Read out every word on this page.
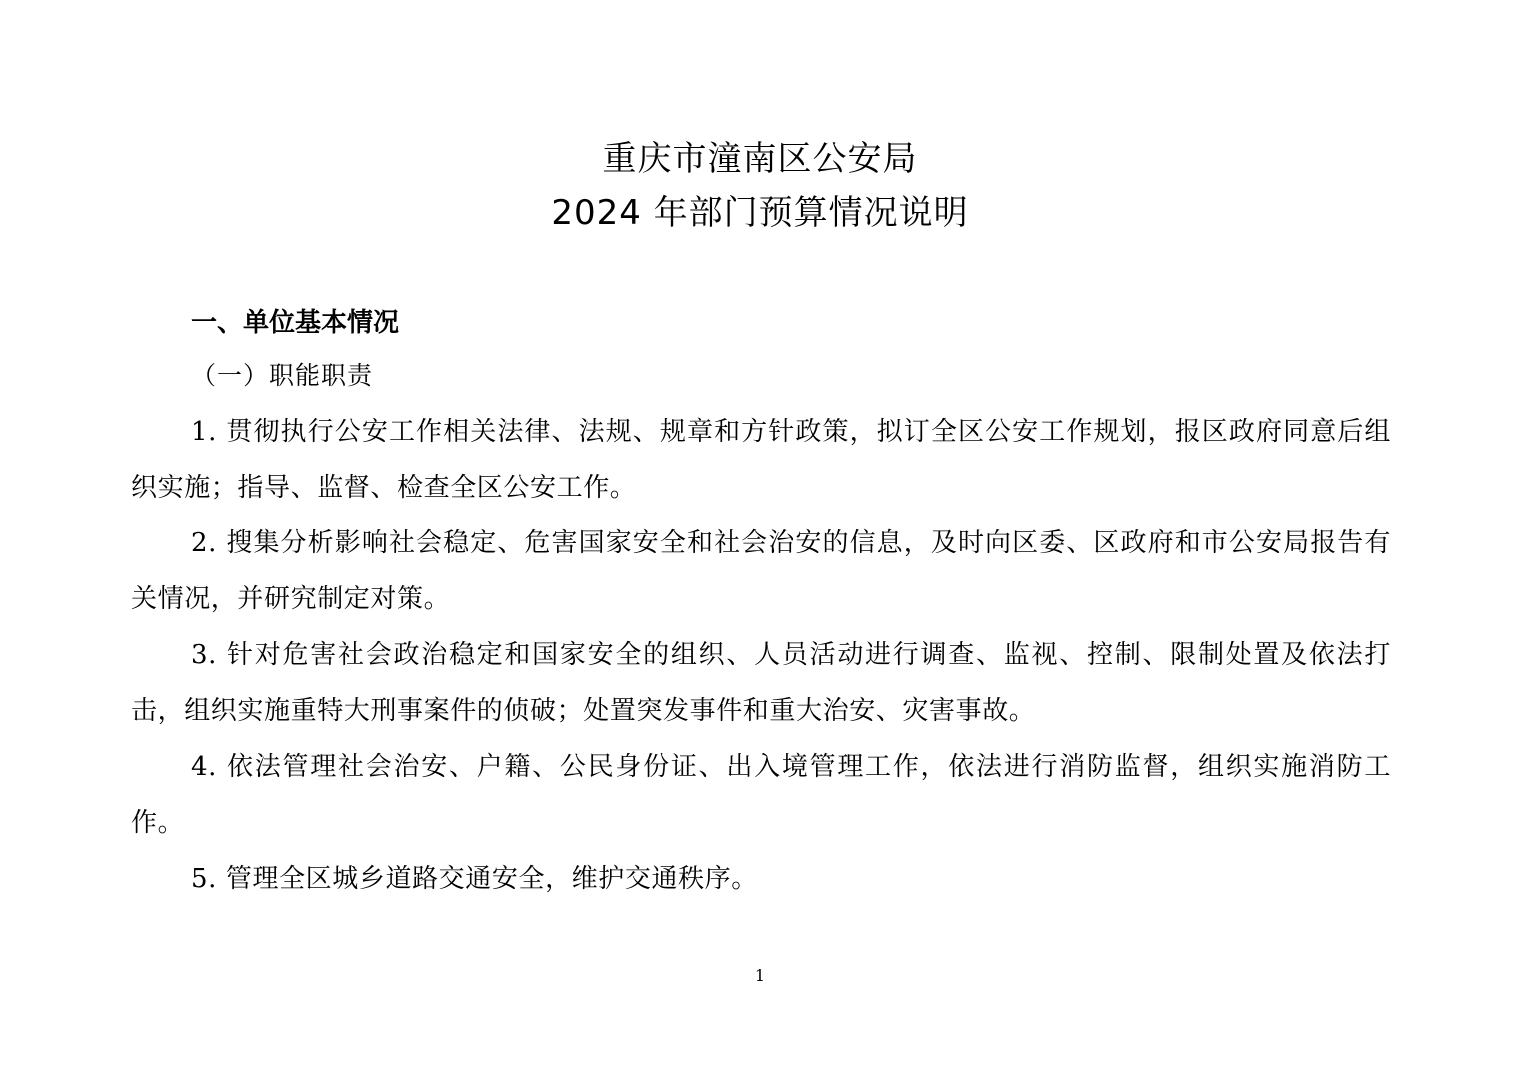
重庆市潼南区公安局
2024 年部门预算情况说明
一、单位基本情况
（一）职能职责

1. 贯彻执行公安工作相关法律、法规、规章和方针政策，拟订全区公安工作规划，报区政府同意后组织实施；指导、监督、检查全区公安工作。

2. 搜集分析影响社会稳定、危害国家安全和社会治安的信息，及时向区委、区政府和市公安局报告有关情况，并研究制定对策。

3. 针对危害社会政治稳定和国家安全的组织、人员活动进行调查、监视、控制、限制处置及依法打击，组织实施重特大刑事案件的侦破；处置突发事件和重大治安、灾害事故。

4. 依法管理社会治安、户籍、公民身份证、出入境管理工作，依法进行消防监督，组织实施消防工作。

5. 管理全区城乡道路交通安全，维护交通秩序。

1
